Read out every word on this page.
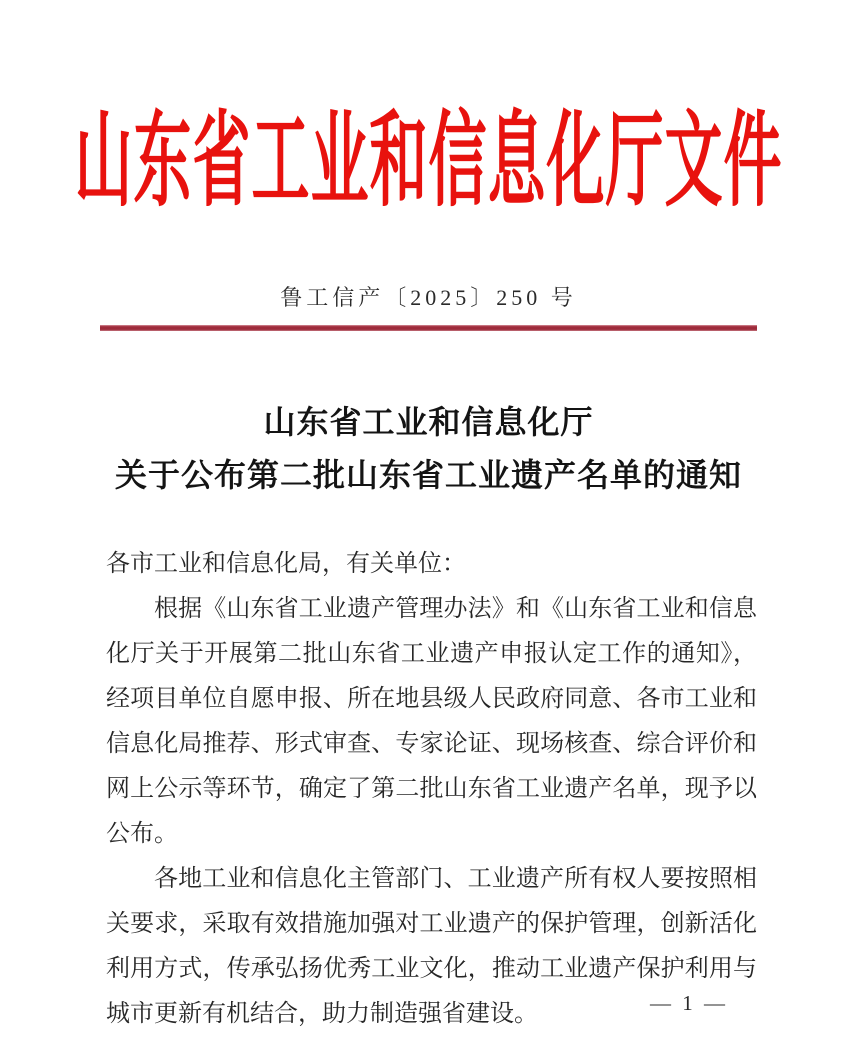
山东省工业和信息化厅文件
鲁工信产〔2025〕250 号
山东省工业和信息化厅
关于公布第二批山东省工业遗产名单的通知

各市工业和信息化局，有关单位：

根据《山东省工业遗产管理办法》和《山东省工业和信息化厅关于开展第二批山东省工业遗产申报认定工作的通知》，经项目单位自愿申报、所在地县级人民政府同意、各市工业和信息化局推荐、形式审查、专家论证、现场核查、综合评价和网上公示等环节，确定了第二批山东省工业遗产名单，现予以公布。

各地工业和信息化主管部门、工业遗产所有权人要按照相关要求，采取有效措施加强对工业遗产的保护管理，创新活化利用方式，传承弘扬优秀工业文化，推动工业遗产保护利用与城市更新有机结合，助力制造强省建设。	— 1 —
